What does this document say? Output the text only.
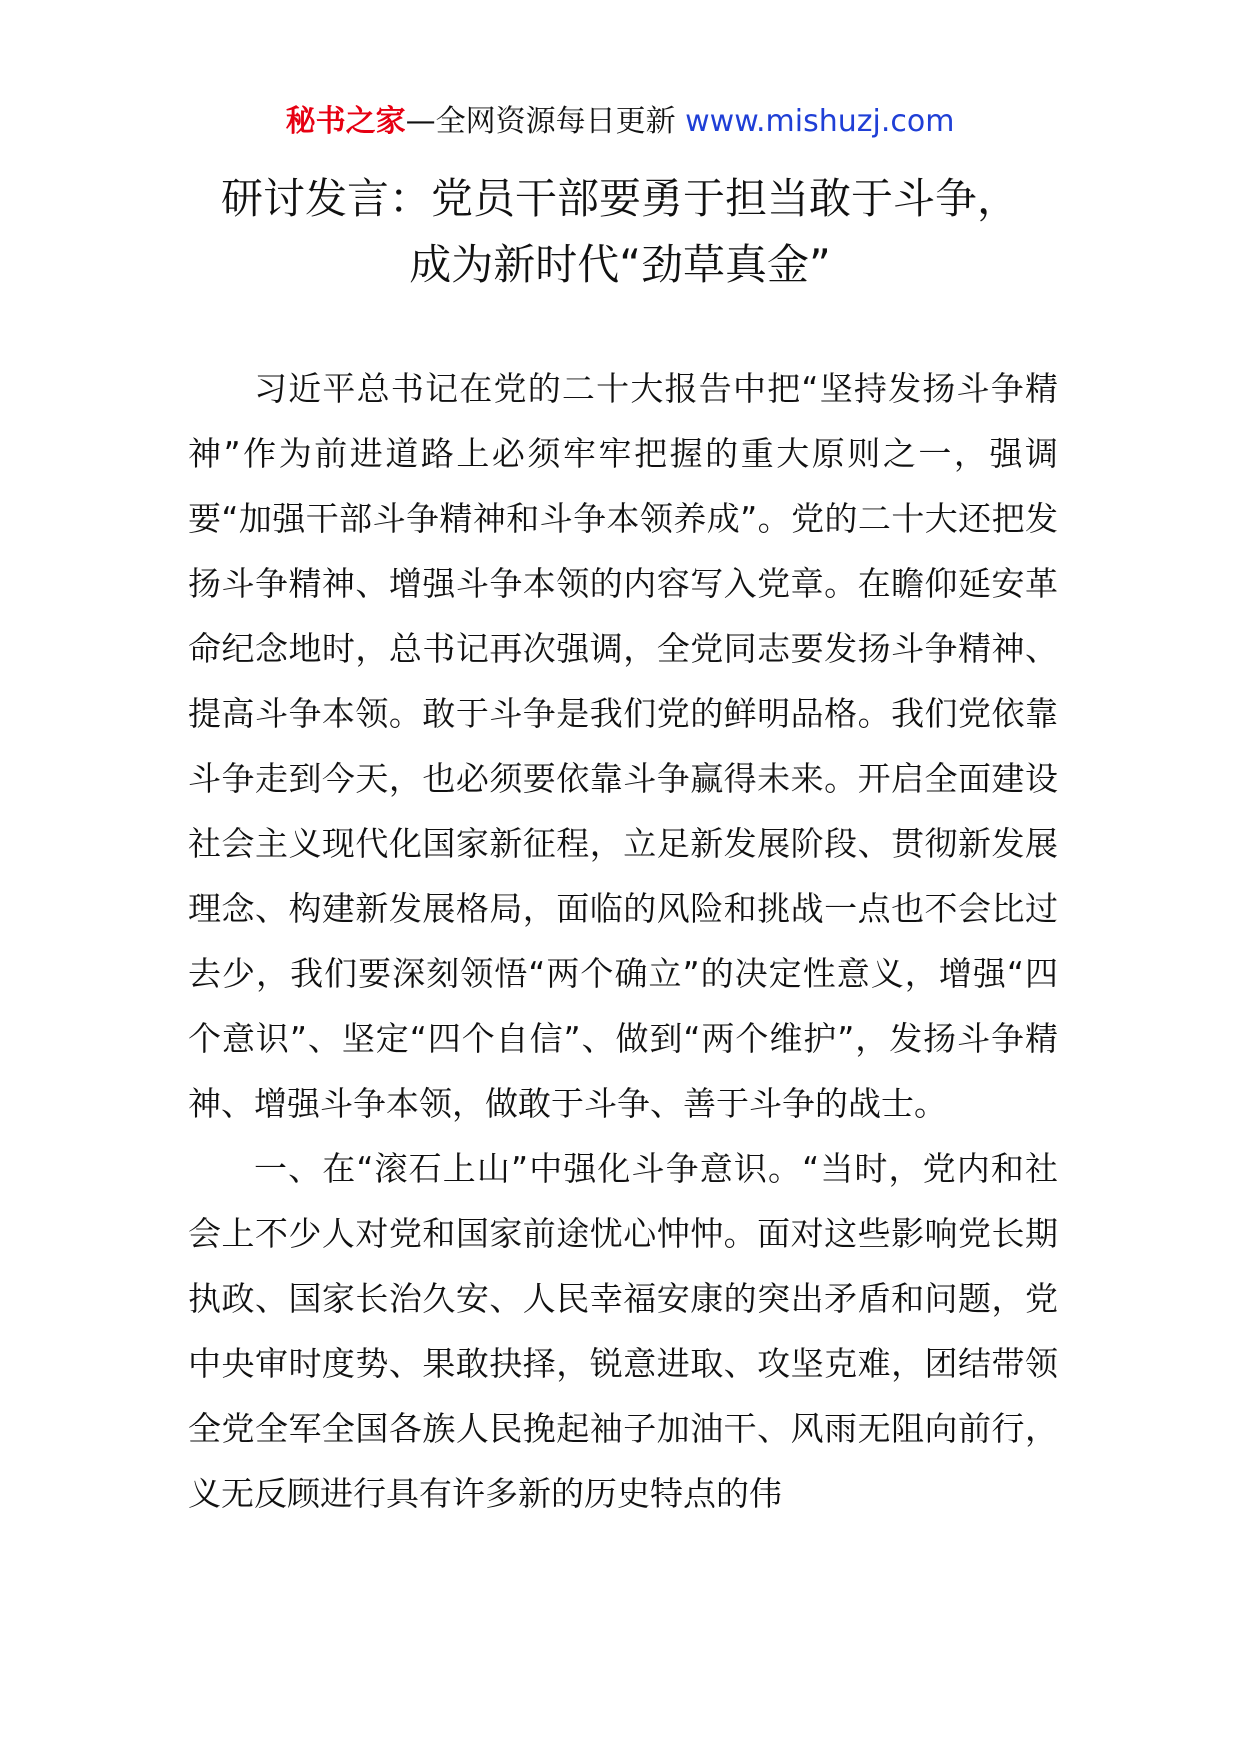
秘书之家—全网资源每日更新 www.mishuzj.com
研讨发言：党员干部要勇于担当敢于斗争，
成为新时代“劲草真金”

习近平总书记在党的二十大报告中把“坚持发扬斗争精神”作为前进道路上必须牢牢把握的重大原则之一，强调要“加强干部斗争精神和斗争本领养成”。党的二十大还把发扬斗争精神、增强斗争本领的内容写入党章。在瞻仰延安革命纪念地时，总书记再次强调，全党同志要发扬斗争精神、提高斗争本领。敢于斗争是我们党的鲜明品格。我们党依靠斗争走到今天，也必须要依靠斗争赢得未来。开启全面建设社会主义现代化国家新征程，立足新发展阶段、贯彻新发展理念、构建新发展格局，面临的风险和挑战一点也不会比过去少，我们要深刻领悟“两个确立”的决定性意义，增强“四个意识”、坚定“四个自信”、做到“两个维护”，发扬斗争精神、增强斗争本领，做敢于斗争、善于斗争的战士。

一、在“滚石上山”中强化斗争意识。“当时，党内和社会上不少人对党和国家前途忧心忡忡。面对这些影响党长期执政、国家长治久安、人民幸福安康的突出矛盾和问题，党中央审时度势、果敢抉择，锐意进取、攻坚克难，团结带领全党全军全国各族人民挽起袖子加油干、风雨无阻向前行，义无反顾进行具有许多新的历史特点的伟
